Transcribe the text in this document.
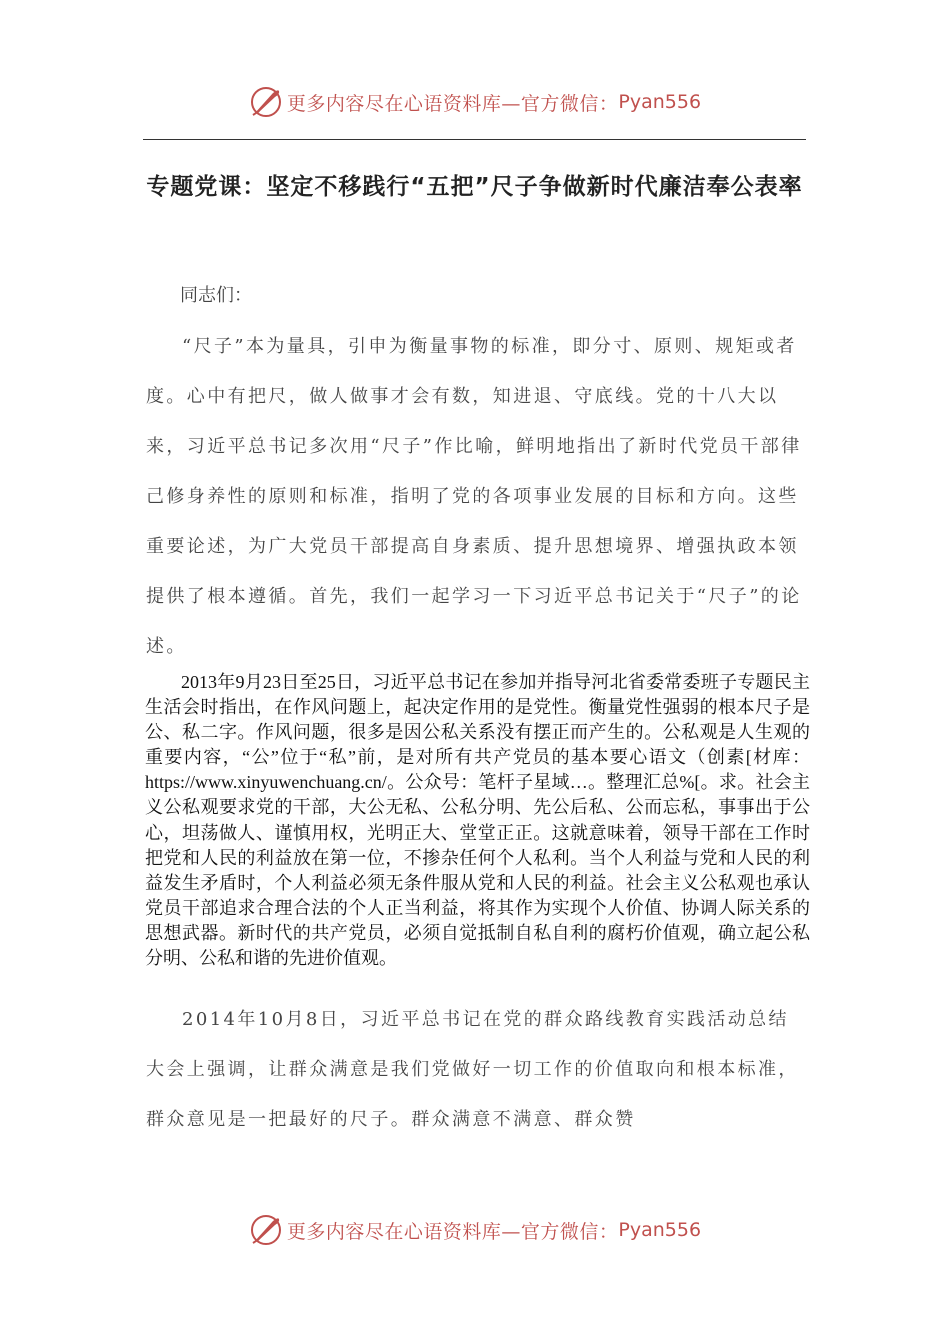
更多内容尽在心语资料库—官方微信： Pyan556
专题党课：坚定不移践行“五把”尺子争做新时代廉洁奉公表率
同志们：

“尺子”本为量具，引申为衡量事物的标准，即分寸、原则、规矩或者度。心中有把尺，做人做事才会有数，知进退、守底线。党的十八大以来，习近平总书记多次用“尺子”作比喻，鲜明地指出了新时代党员干部律己修身养性的原则和标准，指明了党的各项事业发展的目标和方向。这些重要论述，为广大党员干部提高自身素质、提升思想境界、增强执政本领提供了根本遵循。首先，我们一起学习一下习近平总书记关于“尺子”的论述。

2013年9月23日至25日，习近平总书记在参加并指导河北省委常委班子专题民主生活会时指出，在作风问题上，起决定作用的是党性。衡量党性强弱的根本尺子是公、私二字。作风问题，很多是因公私关系没有摆正而产生的。公私观是人生观的重要内容，“公”位于“私”前，是对所有共产党员的基本要心语文（创素[材库：https://www.xinyuwenchuang.cn/。公众号：笔杆子星域…。整理汇总%[。求。社会主义公私观要求党的干部，大公无私、公私分明、先公后私、公而忘私，事事出于公心，坦荡做人、谨慎用权，光明正大、堂堂正正。这就意味着，领导干部在工作时把党和人民的利益放在第一位，不掺杂任何个人私利。当个人利益与党和人民的利益发生矛盾时，个人利益必须无条件服从党和人民的利益。社会主义公私观也承认党员干部追求合理合法的个人正当利益，将其作为实现个人价值、协调人际关系的思想武器。新时代的共产党员，必须自觉抵制自私自利的腐朽价值观，确立起公私分明、公私和谐的先进价值观。

2014年10月8日，习近平总书记在党的群众路线教育实践活动总结大会上强调，让群众满意是我们党做好一切工作的价值取向和根本标准，群众意见是一把最好的尺子。群众满意不满意、群众赞

更多内容尽在心语资料库—官方微信： Pyan556
